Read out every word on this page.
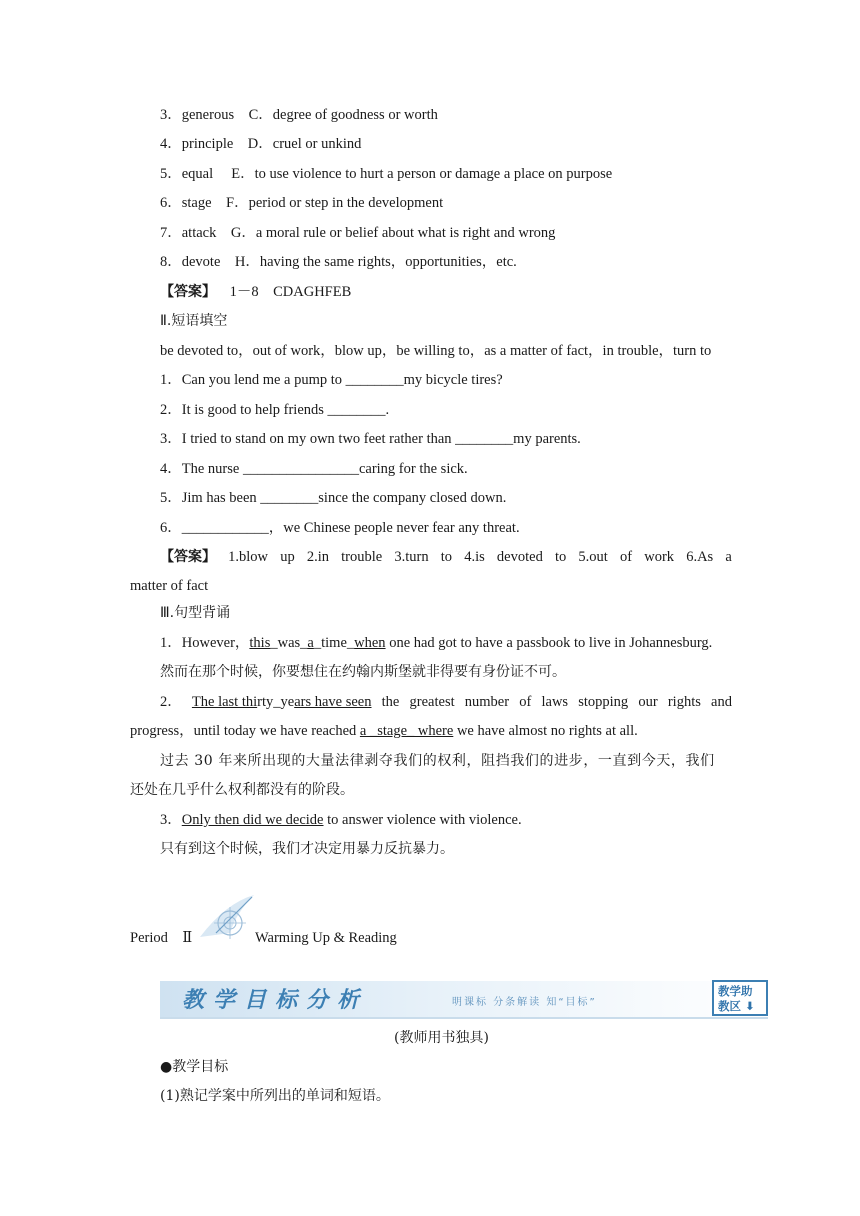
3．generous　C．degree of goodness or worth
4．principle　D．cruel or unkind
5．equal　 E．to use violence to hurt a person or damage a place on purpose
6．stage　F．period or step in the development
7．attack　G．a moral rule or belief about what is right and wrong
8．devote　H．having the same rights，opportunities，etc.
【答案】 1－8　CDAGHFEB
Ⅱ.短语填空
be devoted to，out of work，blow up，be willing to，as a matter of fact，in trouble，turn to
1．Can you lend me a pump to ________my bicycle tires?
2．It is good to help friends ________.
3．I tried to stand on my own two feet rather than ________my parents.
4．The nurse ________________caring for the sick.
5．Jim has been ________since the company closed down.
6．____________，we Chinese people never fear any threat.
【答案】 1.blow up 2.in trouble 3.turn to 4.is devoted to 5.out of work 6.As a
matter of fact
Ⅲ.句型背诵
1．However，this_was_a_time_when one had got to have a passbook to live in Johannesburg.
然而在那个时候，你要想住在约翰内斯堡就非得要有身份证不可。
2． The last thirty_years have seen the greatest number of laws stopping our rights and
progress，until today we have reached a _stage_ where we have almost no rights at all.
过去 30 年来所出现的大量法律剥夺我们的权利，阻挡我们的进步，一直到今天，我们
还处在几乎什么权利都没有的阶段。
3．Only then did we decide to answer violence with violence.
只有到这个时候，我们才决定用暴力反抗暴力。
Period　Ⅱ	Warming Up & Reading
教学目标分析	明课标 分条解读 知“目标”
教学助
教区 ⬇
(教师用书独具)
●教学目标
(1)熟记学案中所列出的单词和短语。
